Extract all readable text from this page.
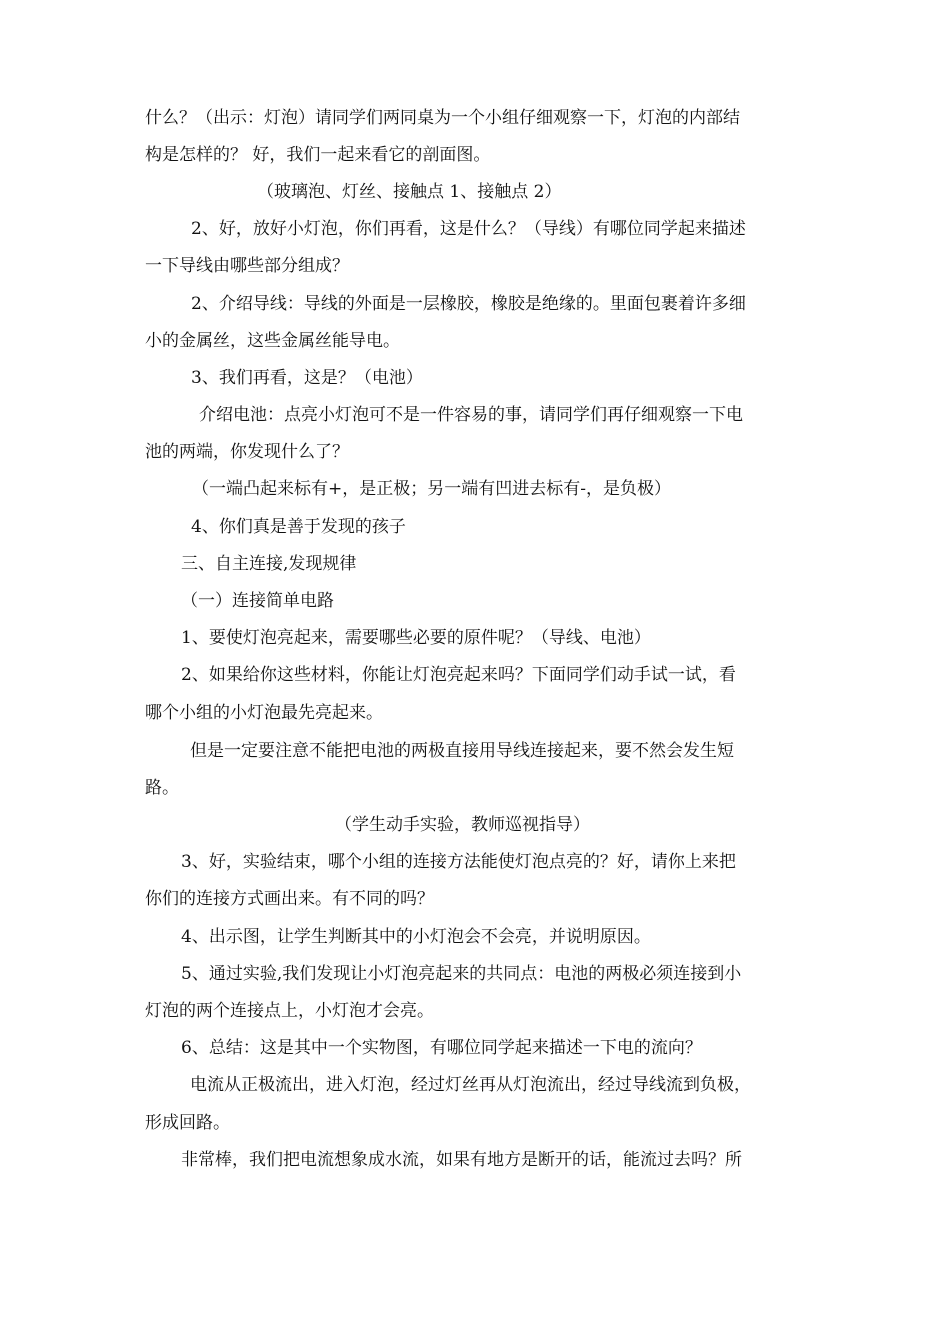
什么？（出示：灯泡）请同学们两同桌为一个小组仔细观察一下，灯泡的内部结
构是怎样的？ 好，我们一起来看它的剖面图。
（玻璃泡、灯丝、接触点 1、接触点 2）
2、好，放好小灯泡，你们再看，这是什么？（导线）有哪位同学起来描述
一下导线由哪些部分组成？
2、介绍导线：导线的外面是一层橡胶，橡胶是绝缘的。里面包裹着许多细
小的金属丝，这些金属丝能导电。
3、我们再看，这是？（电池）
介绍电池：点亮小灯泡可不是一件容易的事，请同学们再仔细观察一下电
池的两端，你发现什么了？
（一端凸起来标有+，是正极；另一端有凹进去标有-，是负极）
4、你们真是善于发现的孩子
三、自主连接,发现规律
（一）连接简单电路
1、要使灯泡亮起来，需要哪些必要的原件呢？（导线、电池）
2、如果给你这些材料，你能让灯泡亮起来吗？下面同学们动手试一试，看
哪个小组的小灯泡最先亮起来。
但是一定要注意不能把电池的两极直接用导线连接起来，要不然会发生短
路。
（学生动手实验，教师巡视指导）
3、好，实验结束，哪个小组的连接方法能使灯泡点亮的？好，请你上来把
你们的连接方式画出来。有不同的吗？
4、出示图，让学生判断其中的小灯泡会不会亮，并说明原因。
5、通过实验,我们发现让小灯泡亮起来的共同点：电池的两极必须连接到小
灯泡的两个连接点上，小灯泡才会亮。
6、总结：这是其中一个实物图，有哪位同学起来描述一下电的流向？
电流从正极流出，进入灯泡，经过灯丝再从灯泡流出，经过导线流到负极，
形成回路。
非常棒，我们把电流想象成水流，如果有地方是断开的话，能流过去吗？所
